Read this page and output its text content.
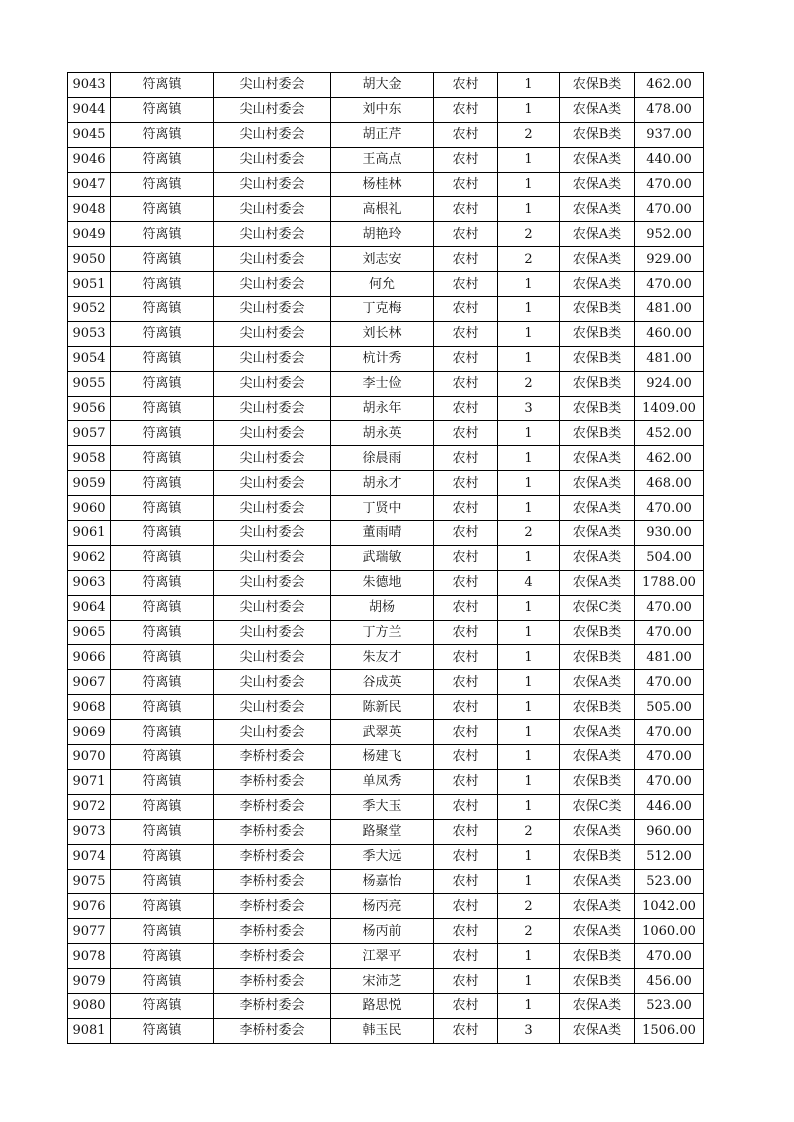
9043	符离镇	尖山村委会	胡大金	农村	1	农保B类	462.00
9044	符离镇	尖山村委会	刘中东	农村	1	农保A类	478.00
9045	符离镇	尖山村委会	胡正芹	农村	2	农保B类	937.00
9046	符离镇	尖山村委会	王高点	农村	1	农保A类	440.00
9047	符离镇	尖山村委会	杨桂林	农村	1	农保A类	470.00
9048	符离镇	尖山村委会	高根礼	农村	1	农保A类	470.00
9049	符离镇	尖山村委会	胡艳玲	农村	2	农保A类	952.00
9050	符离镇	尖山村委会	刘志安	农村	2	农保A类	929.00
9051	符离镇	尖山村委会	何允	农村	1	农保A类	470.00
9052	符离镇	尖山村委会	丁克梅	农村	1	农保B类	481.00
9053	符离镇	尖山村委会	刘长林	农村	1	农保B类	460.00
9054	符离镇	尖山村委会	杭计秀	农村	1	农保B类	481.00
9055	符离镇	尖山村委会	李士俭	农村	2	农保B类	924.00
9056	符离镇	尖山村委会	胡永年	农村	3	农保B类	1409.00
9057	符离镇	尖山村委会	胡永英	农村	1	农保B类	452.00
9058	符离镇	尖山村委会	徐晨雨	农村	1	农保A类	462.00
9059	符离镇	尖山村委会	胡永才	农村	1	农保A类	468.00
9060	符离镇	尖山村委会	丁贤中	农村	1	农保A类	470.00
9061	符离镇	尖山村委会	董雨晴	农村	2	农保A类	930.00
9062	符离镇	尖山村委会	武瑞敏	农村	1	农保A类	504.00
9063	符离镇	尖山村委会	朱德地	农村	4	农保A类	1788.00
9064	符离镇	尖山村委会	胡杨	农村	1	农保C类	470.00
9065	符离镇	尖山村委会	丁方兰	农村	1	农保B类	470.00
9066	符离镇	尖山村委会	朱友才	农村	1	农保B类	481.00
9067	符离镇	尖山村委会	谷成英	农村	1	农保A类	470.00
9068	符离镇	尖山村委会	陈新民	农村	1	农保B类	505.00
9069	符离镇	尖山村委会	武翠英	农村	1	农保A类	470.00
9070	符离镇	李桥村委会	杨建飞	农村	1	农保A类	470.00
9071	符离镇	李桥村委会	单凤秀	农村	1	农保B类	470.00
9072	符离镇	李桥村委会	季大玉	农村	1	农保C类	446.00
9073	符离镇	李桥村委会	路聚堂	农村	2	农保A类	960.00
9074	符离镇	李桥村委会	季大远	农村	1	农保B类	512.00
9075	符离镇	李桥村委会	杨嘉怡	农村	1	农保A类	523.00
9076	符离镇	李桥村委会	杨丙亮	农村	2	农保A类	1042.00
9077	符离镇	李桥村委会	杨丙前	农村	2	农保A类	1060.00
9078	符离镇	李桥村委会	江翠平	农村	1	农保B类	470.00
9079	符离镇	李桥村委会	宋沛芝	农村	1	农保B类	456.00
9080	符离镇	李桥村委会	路思悦	农村	1	农保A类	523.00
9081	符离镇	李桥村委会	韩玉民	农村	3	农保A类	1506.00
